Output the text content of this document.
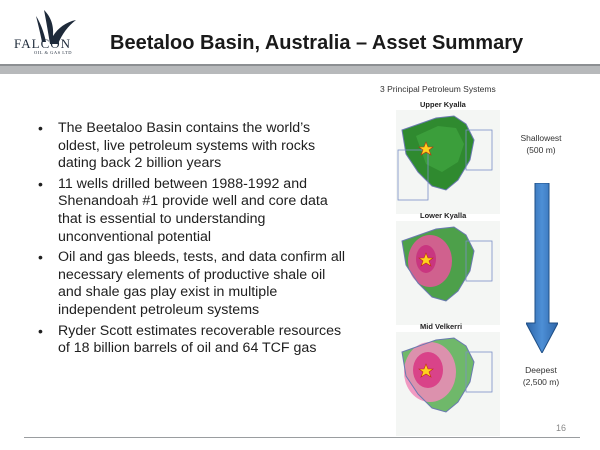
FALCON
OIL & GAS LTD Beetaloo Basin, Australia – Asset Summary
• The Beetaloo Basin contains the world’s oldest, live petroleum systems with rocks dating back 2 billion years
• 11 wells drilled between 1988-1992 and Shenandoah #1 provide well and core data that is essential to understanding unconventional potential
• Oil and gas bleeds, tests, and data confirm all necessary elements of productive shale oil and shale gas play exist in multiple independent petroleum systems
• Ryder Scott estimates recoverable resources of 18 billion barrels of oil and 64 TCF gas
3 Principal Petroleum Systems
Upper Kyalla
Lower Kyalla
Mid Velkerri
Shallowest
(500 m)
Deepest
(2,500 m)
16
